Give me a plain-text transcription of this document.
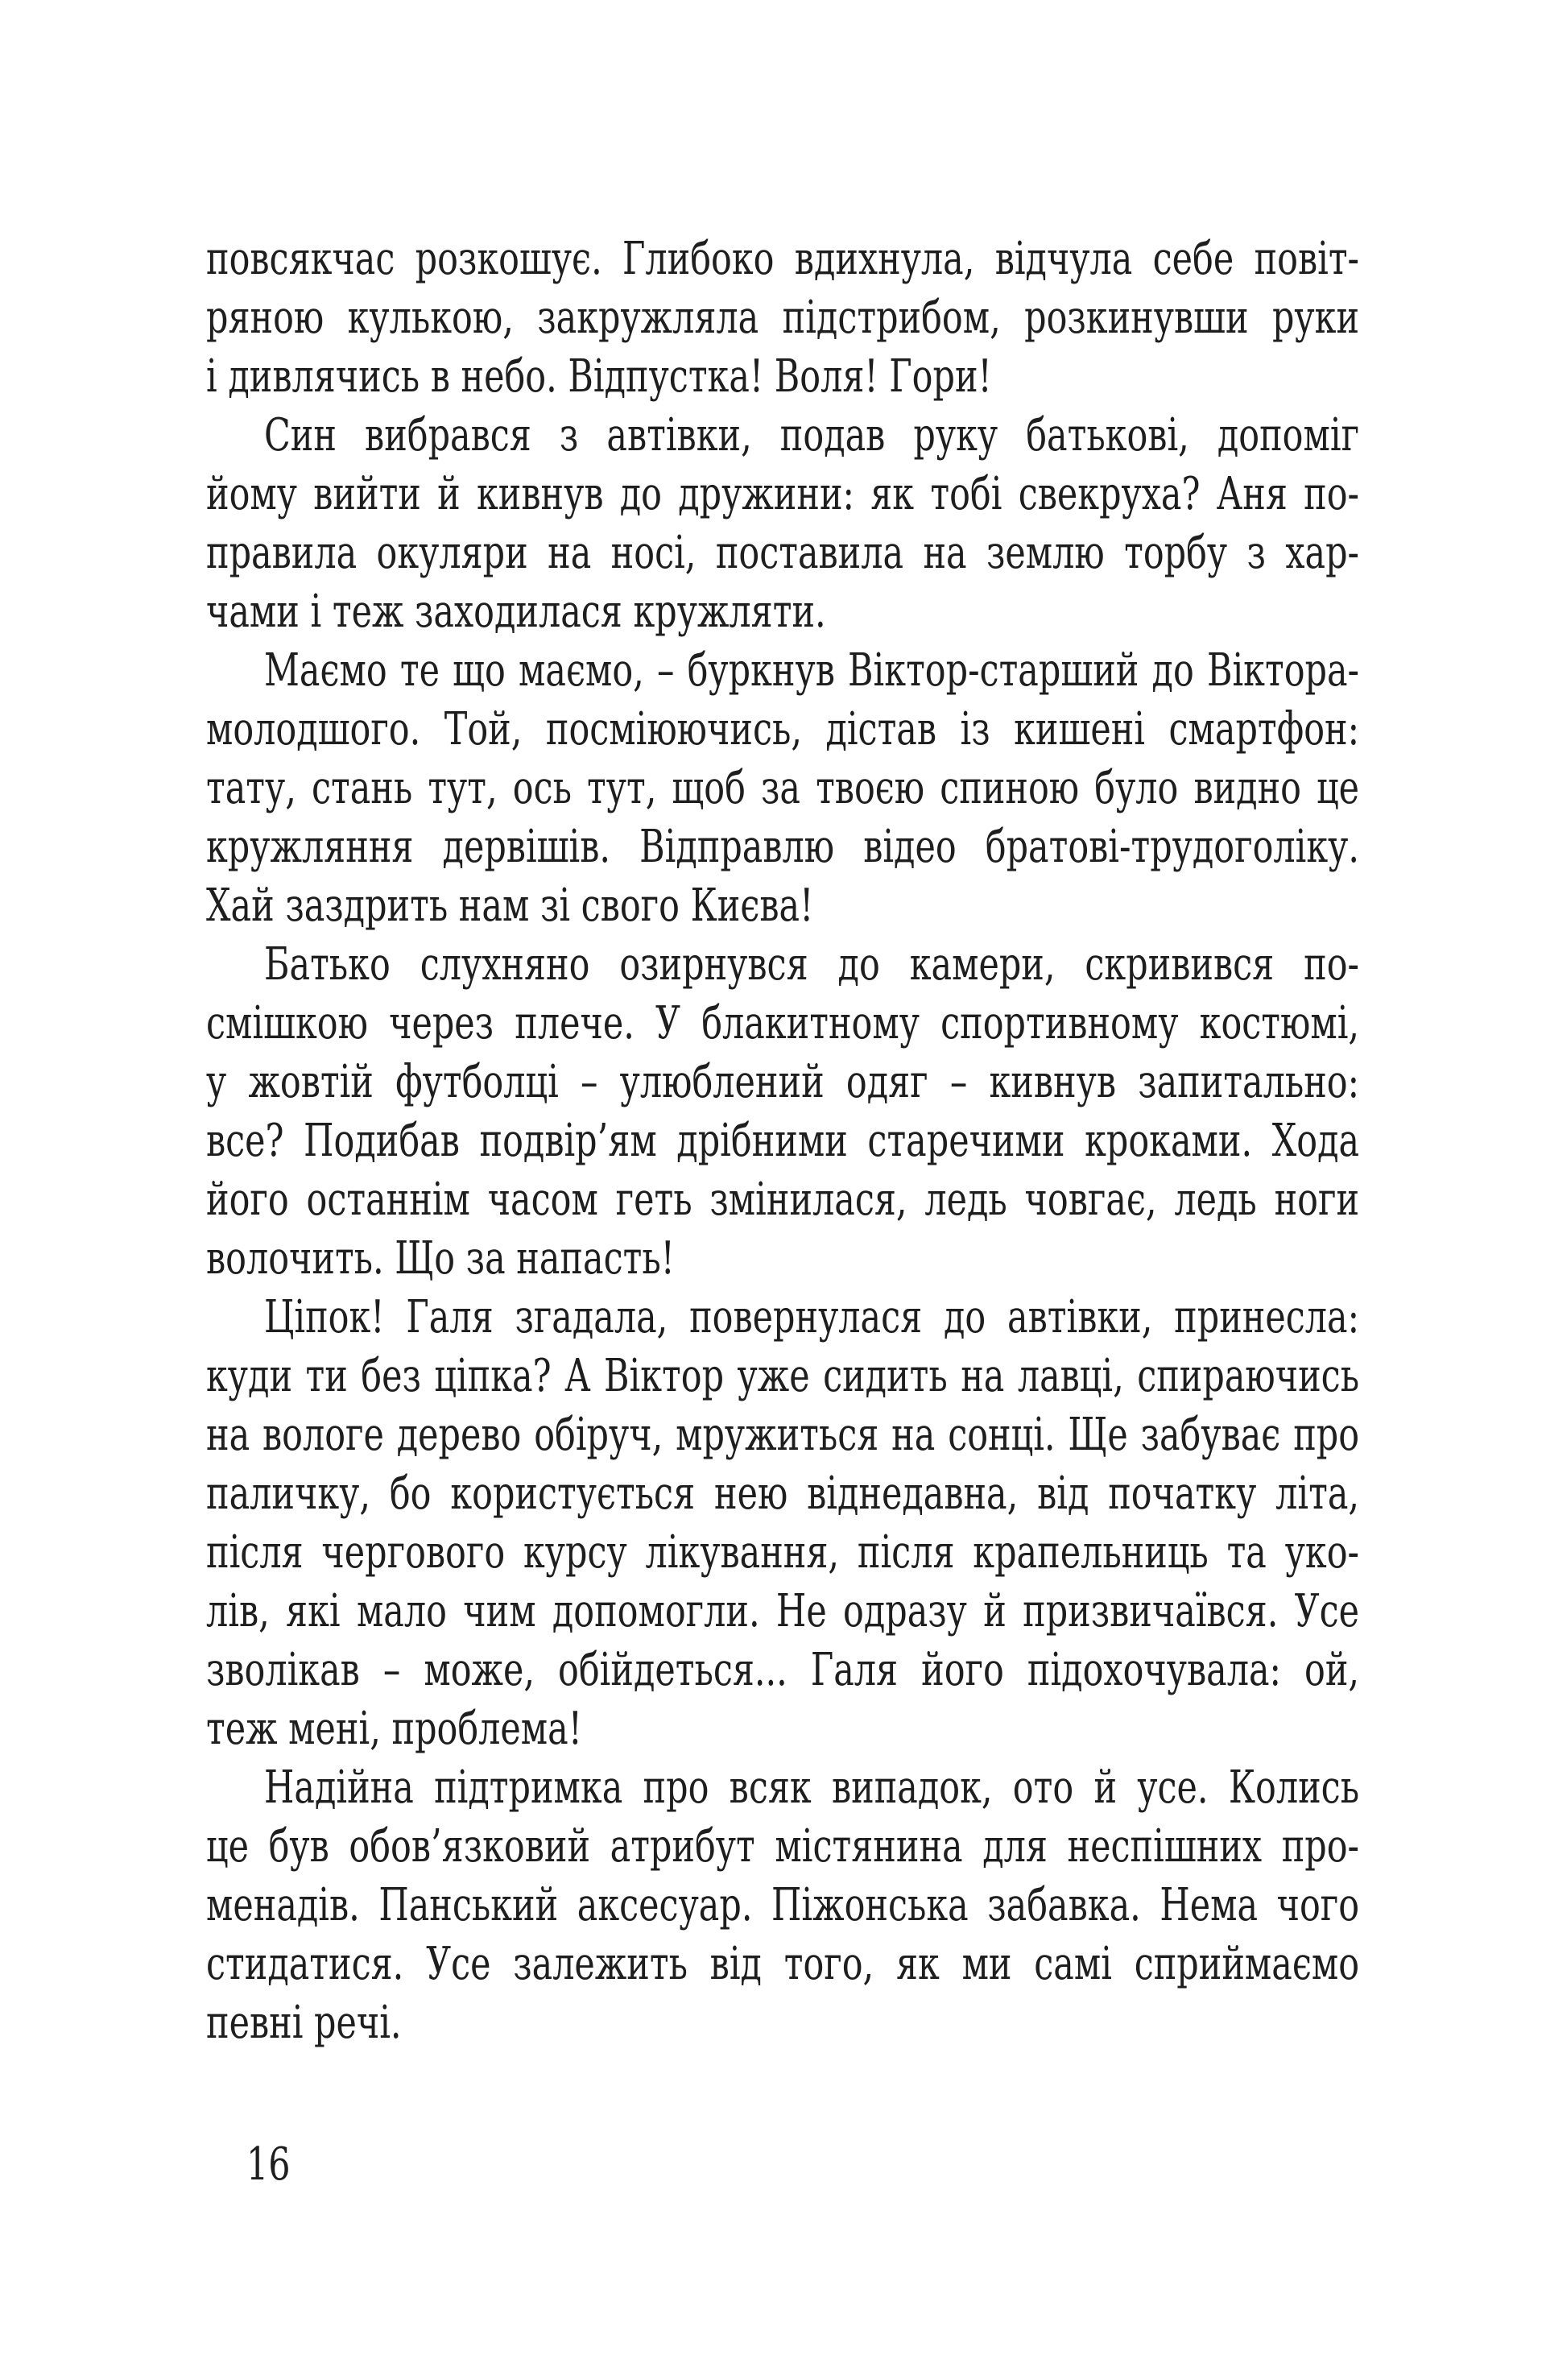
повсякчас розкошує. Глибоко вдихнула, відчула себе повіт-
ряною кулькою, закружляла підстрибом, розкинувши руки
і дивлячись в небо. Відпустка! Воля! Гори!
Син вибрався з автівки, подав руку батькові, допоміг
йому вийти й кивнув до дружини: як тобі свекруха? Аня по-
правила окуляри на носі, поставила на землю торбу з хар-
чами і теж заходилася кружляти.
Маємо те що маємо, – буркнув Віктор-старший до Віктора-
молодшого. Той, посміюючись, дістав із кишені смартфон:
тату, стань тут, ось тут, щоб за твоєю спиною було видно це
кружляння дервішів. Відправлю відео братові-трудоголіку.
Хай заздрить нам зі свого Києва!
Батько слухняно озирнувся до камери, скривився по-
смішкою через плече. У блакитному спортивному костюмі,
у жовтій футболці – улюблений одяг – кивнув запитально:
все? Подибав подвір’ям дрібними старечими кроками. Хода
його останнім часом геть змінилася, ледь човгає, ледь ноги
волочить. Що за напасть!
Ціпок! Галя згадала, повернулася до автівки, принесла:
куди ти без ціпка? А Віктор уже сидить на лавці, спираючись
на вологе дерево обіруч, мружиться на сонці. Ще забуває про
паличку, бо користується нею віднедавна, від початку літа,
після чергового курсу лікування, після крапельниць та уко-
лів, які мало чим допомогли. Не одразу й призвичаївся. Усе
зволікав – може, обійдеться... Галя його підохочувала: ой,
теж мені, проблема!
Надійна підтримка про всяк випадок, ото й усе. Колись
це був обов’язковий атрибут містянина для неспішних про-
менадів. Панський аксесуар. Піжонська забавка. Нема чого
стидатися. Усе залежить від того, як ми самі сприймаємо
певні речі.
16
